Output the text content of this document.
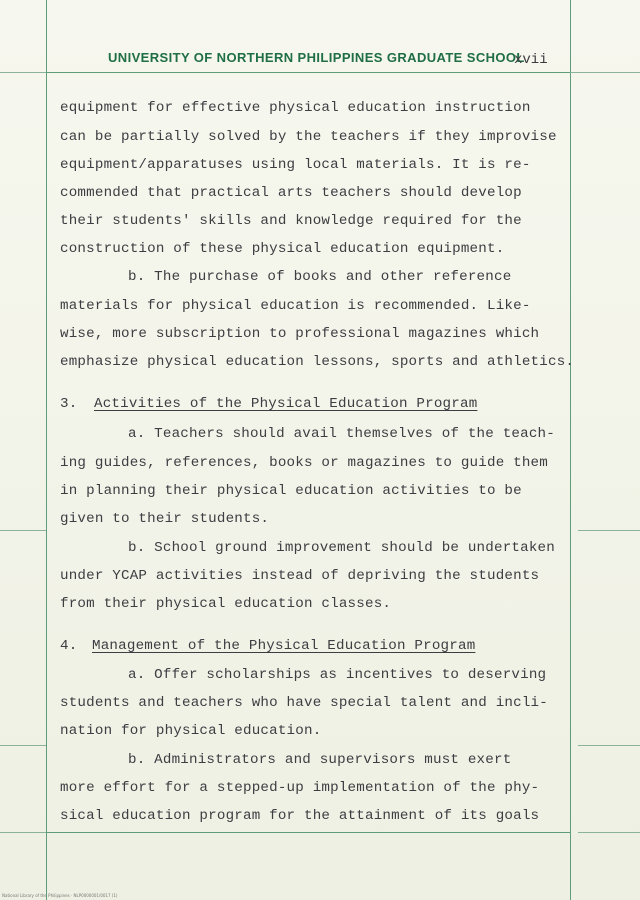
UNIVERSITY OF NORTHERN PHILIPPINES GRADUATE SCHOOL
xvii
equipment for effective physical education instruction
can be partially solved by the teachers if they improvise
equipment/apparatuses using local materials. It is re-
commended that practical arts teachers should develop
their students' skills and knowledge required for the
construction of these physical education equipment.
b. The purchase of books and other reference
materials for physical education is recommended. Like-
wise, more subscription to professional magazines which
emphasize physical education lessons, sports and athletics.
3. Activities of the Physical Education Program
a. Teachers should avail themselves of the teach-
ing guides, references, books or magazines to guide them
in planning their physical education activities to be
given to their students.
b. School ground improvement should be undertaken
under YCAP activities instead of depriving the students
from their physical education classes.
4. Management of the Physical Education Program
a. Offer scholarships as incentives to deserving
students and teachers who have special talent and incli-
nation for physical education.
b. Administrators and supervisors must exert
more effort for a stepped-up implementation of the phy-
sical education program for the attainment of its goals
National Library of the Philippines · NLP0000001/0017 (1)
